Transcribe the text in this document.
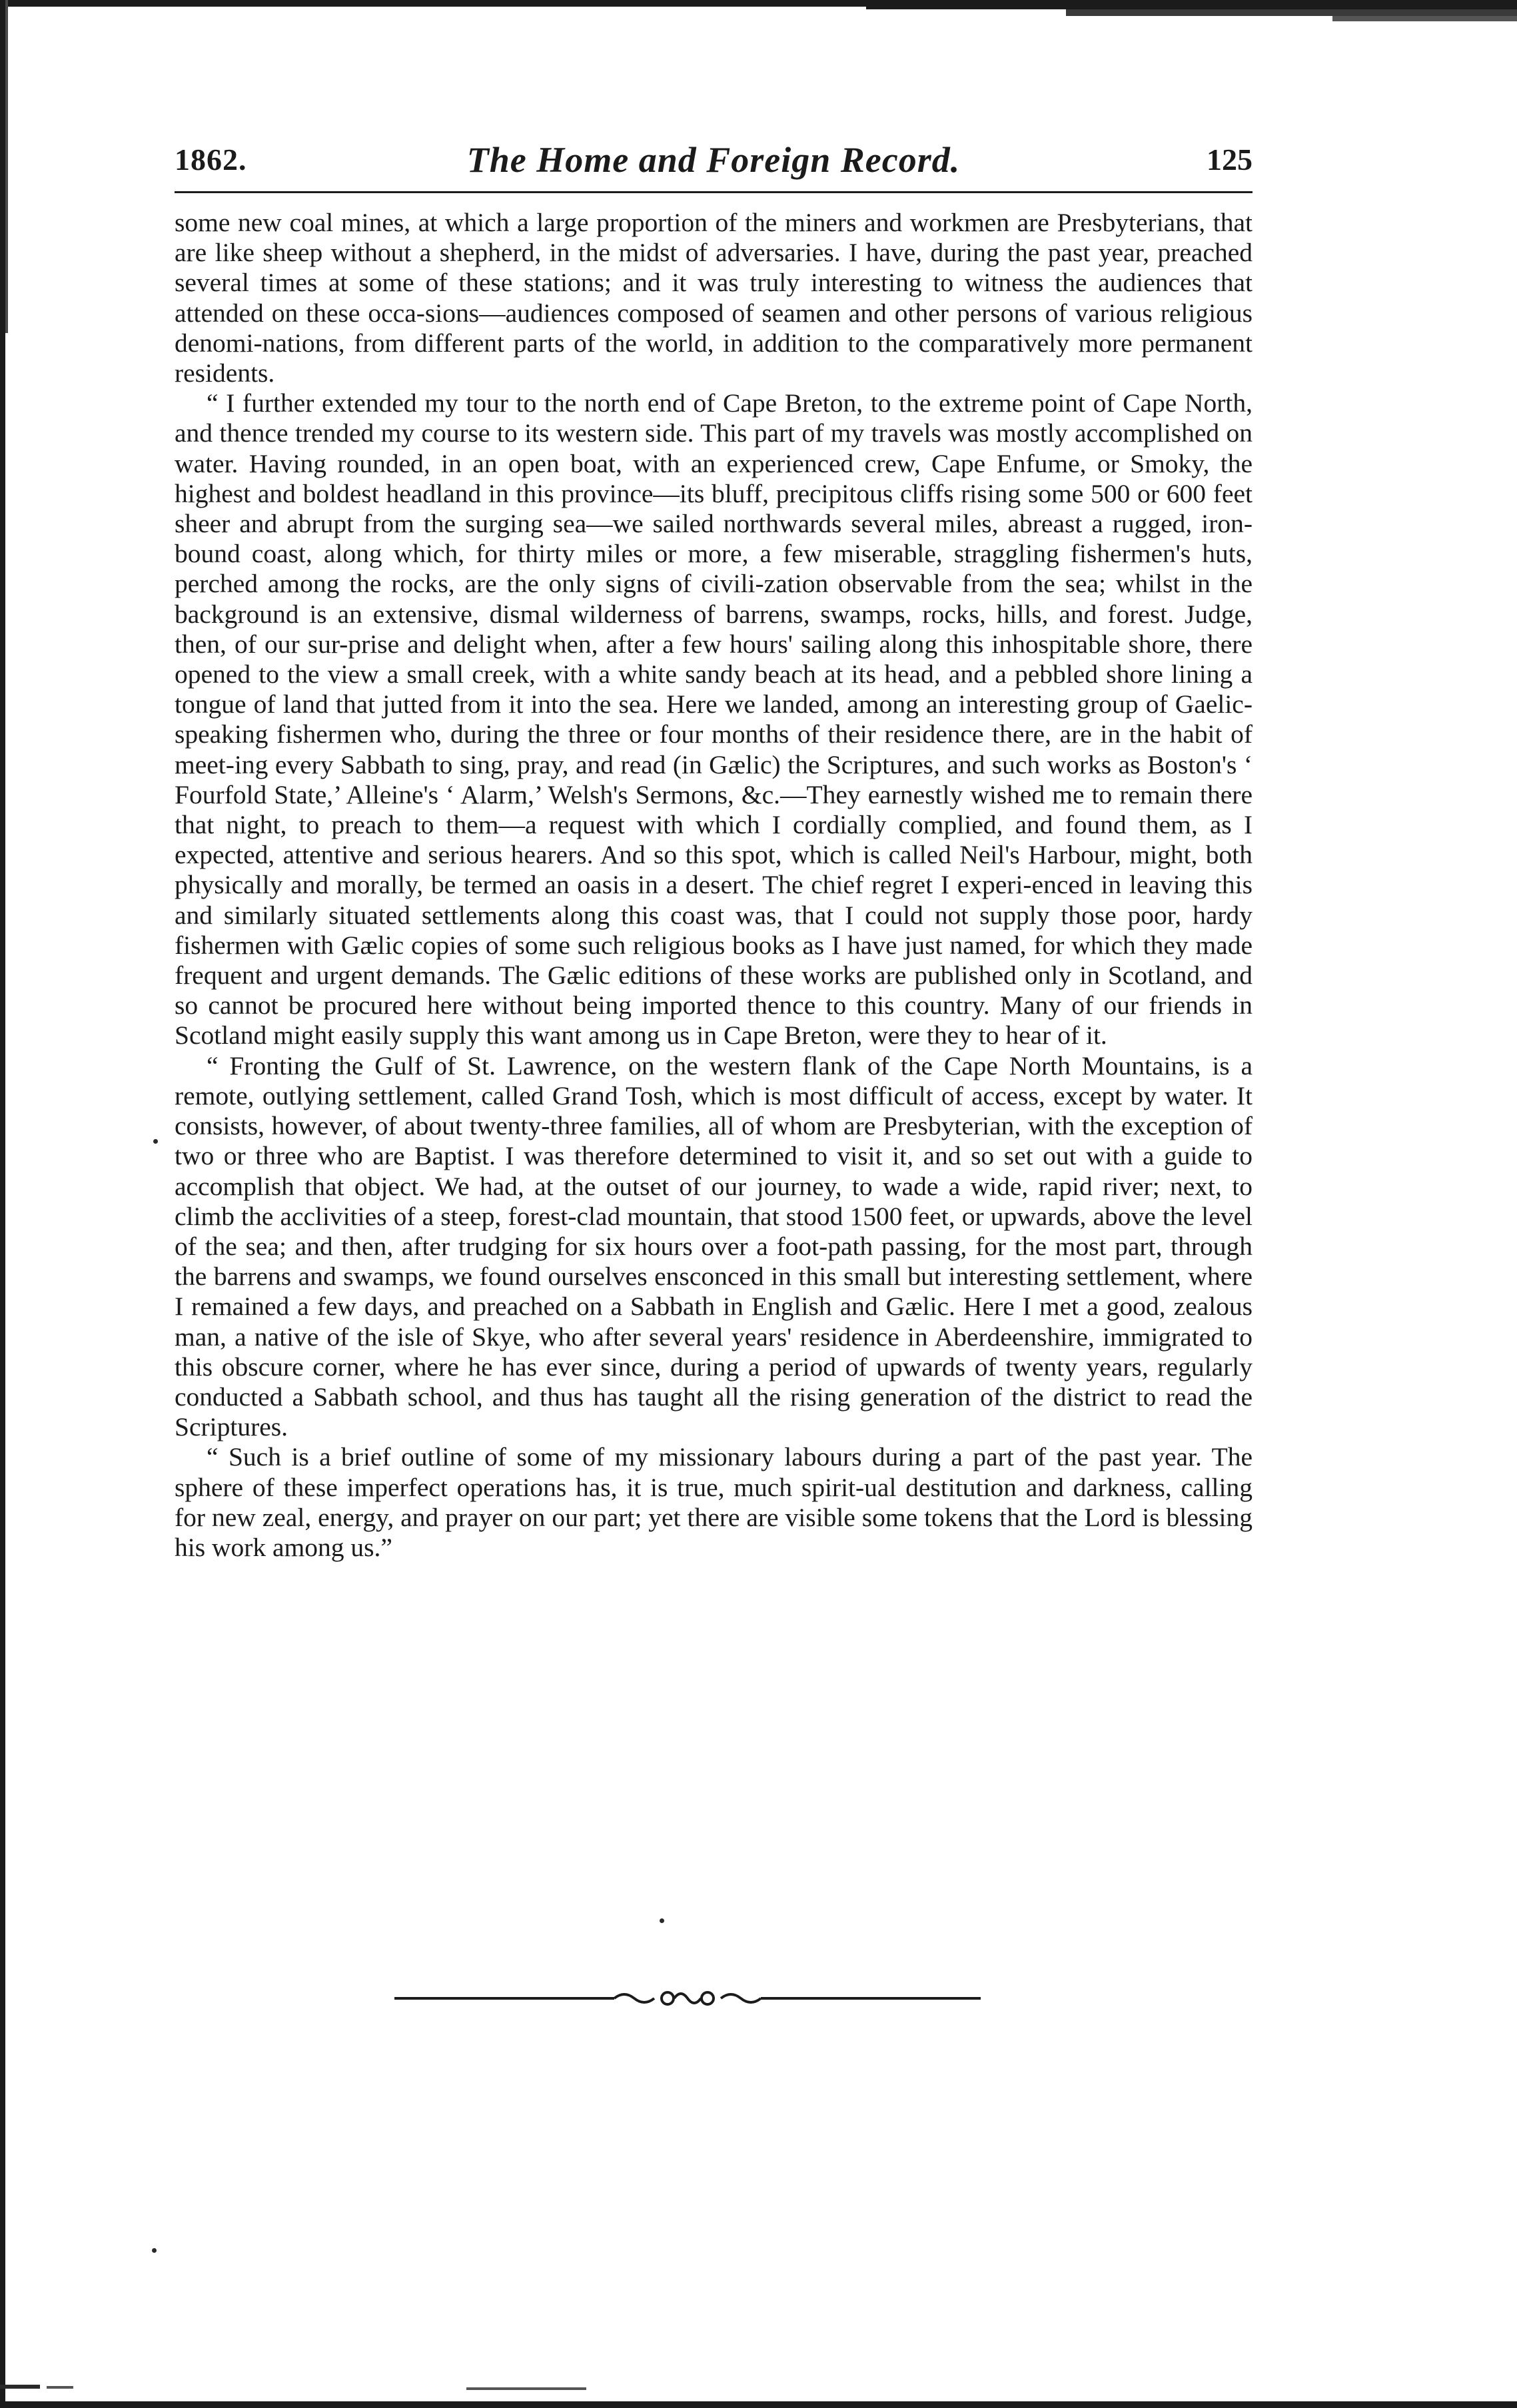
1862.	The Home and Foreign Record.	125

some new coal mines, at which a large proportion of the miners and workmen are Presbyterians, that are like sheep without a shepherd, in the midst of adversaries. I have, during the past year, preached several times at some of these stations; and it was truly interesting to witness the audiences that attended on these occa-sions—audiences composed of seamen and other persons of various religious denomi-nations, from different parts of the world, in addition to the comparatively more permanent residents.

“ I further extended my tour to the north end of Cape Breton, to the extreme point of Cape North, and thence trended my course to its western side. This part of my travels was mostly accomplished on water. Having rounded, in an open boat, with an experienced crew, Cape Enfume, or Smoky, the highest and boldest headland in this province—its bluff, precipitous cliffs rising some 500 or 600 feet sheer and abrupt from the surging sea—we sailed northwards several miles, abreast a rugged, iron-bound coast, along which, for thirty miles or more, a few miserable, straggling fishermen's huts, perched among the rocks, are the only signs of civili-zation observable from the sea; whilst in the background is an extensive, dismal wilderness of barrens, swamps, rocks, hills, and forest. Judge, then, of our sur-prise and delight when, after a few hours' sailing along this inhospitable shore, there opened to the view a small creek, with a white sandy beach at its head, and a pebbled shore lining a tongue of land that jutted from it into the sea. Here we landed, among an interesting group of Gaelic-speaking fishermen who, during the three or four months of their residence there, are in the habit of meet-ing every Sabbath to sing, pray, and read (in Gælic) the Scriptures, and such works as Boston's ‘ Fourfold State,’ Alleine's ‘ Alarm,’ Welsh's Sermons, &c.—They earnestly wished me to remain there that night, to preach to them—a request with which I cordially complied, and found them, as I expected, attentive and serious hearers. And so this spot, which is called Neil's Harbour, might, both physically and morally, be termed an oasis in a desert. The chief regret I experi-enced in leaving this and similarly situated settlements along this coast was, that I could not supply those poor, hardy fishermen with Gælic copies of some such religious books as I have just named, for which they made frequent and urgent demands. The Gælic editions of these works are published only in Scotland, and so cannot be procured here without being imported thence to this country. Many of our friends in Scotland might easily supply this want among us in Cape Breton, were they to hear of it.

“ Fronting the Gulf of St. Lawrence, on the western flank of the Cape North Mountains, is a remote, outlying settlement, called Grand Tosh, which is most difficult of access, except by water. It consists, however, of about twenty-three families, all of whom are Presbyterian, with the exception of two or three who are Baptist. I was therefore determined to visit it, and so set out with a guide to accomplish that object. We had, at the outset of our journey, to wade a wide, rapid river; next, to climb the acclivities of a steep, forest-clad mountain, that stood 1500 feet, or upwards, above the level of the sea; and then, after trudging for six hours over a foot-path passing, for the most part, through the barrens and swamps, we found ourselves ensconced in this small but interesting settlement, where I remained a few days, and preached on a Sabbath in English and Gælic. Here I met a good, zealous man, a native of the isle of Skye, who after several years' residence in Aberdeenshire, immigrated to this obscure corner, where he has ever since, during a period of upwards of twenty years, regularly conducted a Sabbath school, and thus has taught all the rising generation of the district to read the Scriptures.

“ Such is a brief outline of some of my missionary labours during a part of the past year. The sphere of these imperfect operations has, it is true, much spirit-ual destitution and darkness, calling for new zeal, energy, and prayer on our part; yet there are visible some tokens that the Lord is blessing his work among us.”
